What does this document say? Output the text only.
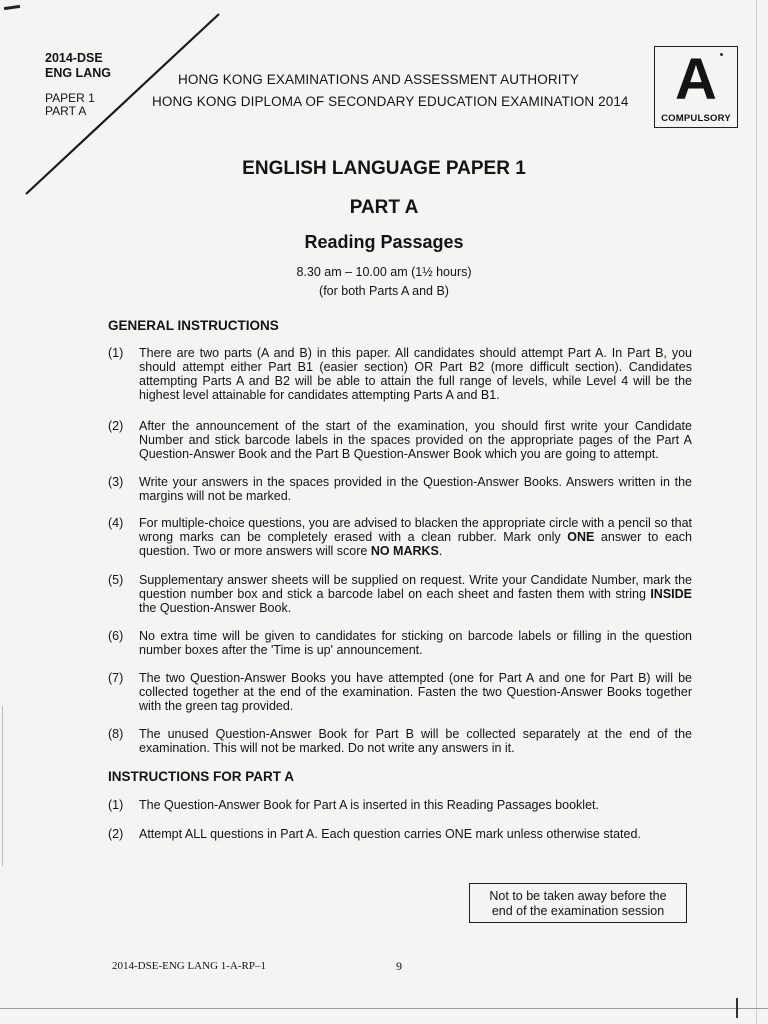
2014-DSE
ENG LANG
PAPER 1
PART A
HONG KONG EXAMINATIONS AND ASSESSMENT AUTHORITY
HONG KONG DIPLOMA OF SECONDARY EDUCATION EXAMINATION 2014 A
COMPULSORY
ENGLISH LANGUAGE PAPER 1
PART A
Reading Passages
8.30 am – 10.00 am (1½ hours)
(for both Parts A and B)
GENERAL INSTRUCTIONS
(1) There are two parts (A and B) in this paper. All candidates should attempt Part A. In Part B, you should attempt either Part B1 (easier section) OR Part B2 (more difficult section). Candidates attempting Parts A and B2 will be able to attain the full range of levels, while Level 4 will be the highest level attainable for candidates attempting Parts A and B1.
(2) After the announcement of the start of the examination, you should first write your Candidate Number and stick barcode labels in the spaces provided on the appropriate pages of the Part A Question-Answer Book and the Part B Question-Answer Book which you are going to attempt.
(3) Write your answers in the spaces provided in the Question-Answer Books. Answers written in the margins will not be marked.
(4) For multiple-choice questions, you are advised to blacken the appropriate circle with a pencil so that wrong marks can be completely erased with a clean rubber. Mark only ONE answer to each question. Two or more answers will score NO MARKS.
(5) Supplementary answer sheets will be supplied on request. Write your Candidate Number, mark the question number box and stick a barcode label on each sheet and fasten them with string INSIDE the Question-Answer Book.
(6) No extra time will be given to candidates for sticking on barcode labels or filling in the question number boxes after the 'Time is up' announcement.
(7) The two Question-Answer Books you have attempted (one for Part A and one for Part B) will be collected together at the end of the examination. Fasten the two Question-Answer Books together with the green tag provided.
(8) The unused Question-Answer Book for Part B will be collected separately at the end of the examination. This will not be marked. Do not write any answers in it.
INSTRUCTIONS FOR PART A
(1) The Question-Answer Book for Part A is inserted in this Reading Passages booklet.
(2) Attempt ALL questions in Part A. Each question carries ONE mark unless otherwise stated.
Not to be taken away before the
end of the examination session
2014-DSE-ENG LANG 1-A-RP–1	9
